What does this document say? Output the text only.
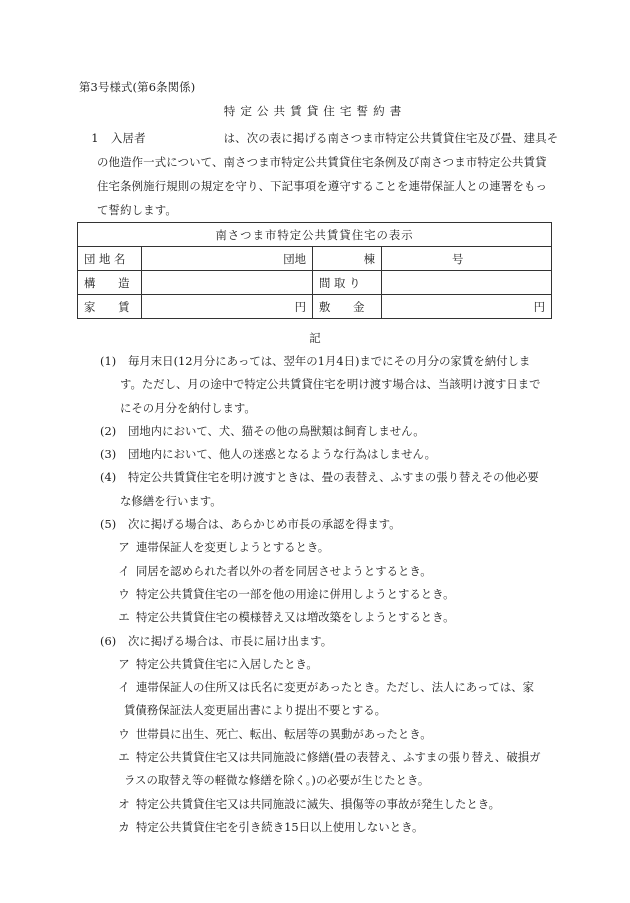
第3号様式(第6条関係)
特定公共賃貸住宅誓約書
1 入居者	は、次の表に掲げる南さつま市特定公共賃貸住宅及び畳、建具そ
の他造作一式について、南さつま市特定公共賃貸住宅条例及び南さつま市特定公共賃貸
住宅条例施行規則の規定を守り、下記事項を遵守することを連帯保証人との連署をもっ
て誓約します。
南さつま市特定公共賃貸住宅の表示			
団 地 名	団地	棟	号
構　　造		間 取 り	
家　　賃	円	敷　　金	円
記
(1) 毎月末日(12月分にあっては、翌年の1月4日)までにその月分の家賃を納付しま
す。ただし、月の途中で特定公共賃貸住宅を明け渡す場合は、当該明け渡す日まで
にその月分を納付します。
(2) 団地内において、犬、猫その他の鳥獣類は飼育しません。
(3) 団地内において、他人の迷惑となるような行為はしません。
(4) 特定公共賃貸住宅を明け渡すときは、畳の表替え、ふすまの張り替えその他必要
な修繕を行います。
(5) 次に掲げる場合は、あらかじめ市長の承認を得ます。
ア 連帯保証人を変更しようとするとき。
イ 同居を認められた者以外の者を同居させようとするとき。
ウ 特定公共賃貸住宅の一部を他の用途に併用しようとするとき。
エ 特定公共賃貸住宅の模様替え又は増改築をしようとするとき。
(6) 次に掲げる場合は、市長に届け出ます。
ア 特定公共賃貸住宅に入居したとき。
イ 連帯保証人の住所又は氏名に変更があったとき。ただし、法人にあっては、家
賃債務保証法人変更届出書により提出不要とする。
ウ 世帯員に出生、死亡、転出、転居等の異動があったとき。
エ 特定公共賃貸住宅又は共同施設に修繕(畳の表替え、ふすまの張り替え、破損ガ
ラスの取替え等の軽微な修繕を除く。)の必要が生じたとき。
オ 特定公共賃貸住宅又は共同施設に滅失、損傷等の事故が発生したとき。
カ 特定公共賃貸住宅を引き続き15日以上使用しないとき。
